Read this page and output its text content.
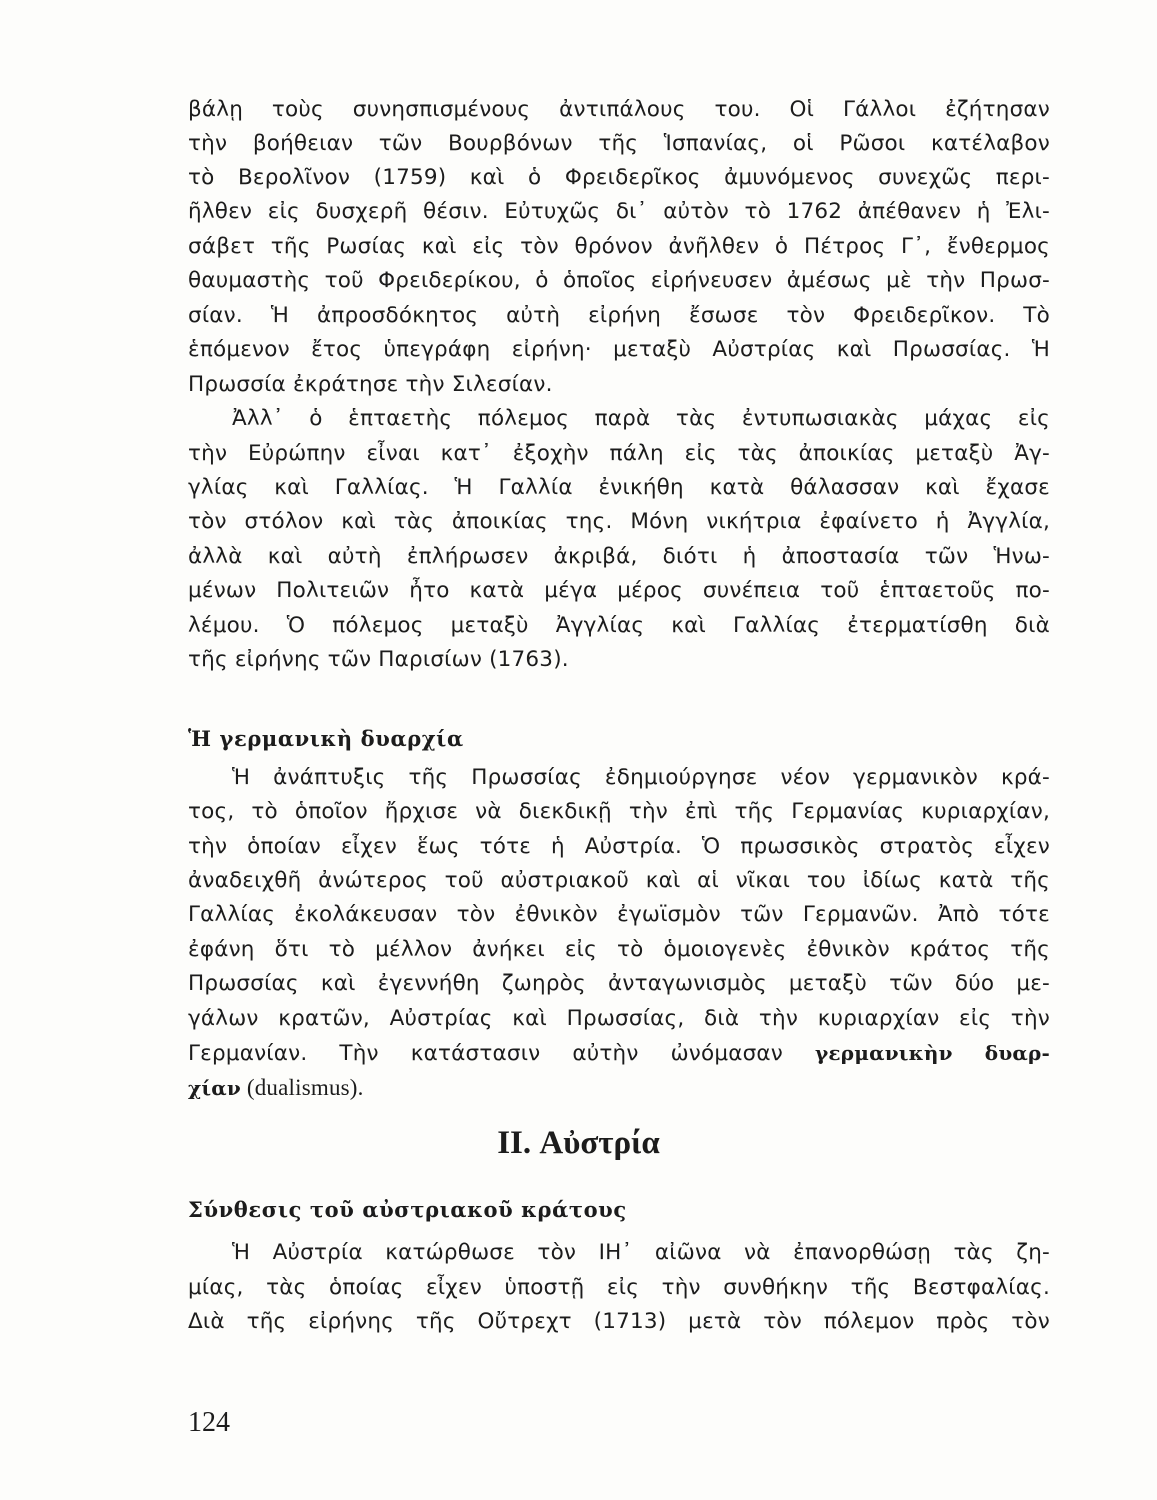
βάλῃ τοὺς συνησπισμένους ἀντιπάλους του. Οἱ Γάλλοι ἐζήτησαν

τὴν βοήθειαν τῶν Βουρβόνων τῆς Ἱσπανίας, οἱ Ρῶσοι κατέλαβον

τὸ Βερολῖνον (1759) καὶ ὁ Φρειδερῖκος ἀμυνόμενος συνεχῶς περι-

ῆλθεν εἰς δυσχερῆ θέσιν. Εὐτυχῶς δι᾽ αὐτὸν τὸ 1762 ἀπέθανεν ἡ Ἐλι-

σάβετ τῆς Ρωσίας καὶ εἰς τὸν θρόνον ἀνῆλθεν ὁ Πέτρος Γ᾽, ἔνθερμος

θαυμαστὴς τοῦ Φρειδερίκου, ὁ ὁποῖος εἰρήνευσεν ἀμέσως μὲ τὴν Πρωσ-

σίαν. Ἡ ἀπροσδόκητος αὐτὴ εἰρήνη ἔσωσε τὸν Φρειδερῖκον. Τὸ

ἑπόμενον ἔτος ὑπεγράφη εἰρήνη· μεταξὺ Αὐστρίας καὶ Πρωσσίας. Ἡ

Πρωσσία ἐκράτησε τὴν Σιλεσίαν.

Ἀλλ᾽ ὁ ἑπταετὴς πόλεμος παρὰ τὰς ἐντυπωσιακὰς μάχας εἰς

τὴν Εὐρώπην εἶναι κατ᾽ ἐξοχὴν πάλη εἰς τὰς ἀποικίας μεταξὺ Ἀγ-

γλίας καὶ Γαλλίας. Ἡ Γαλλία ἐνικήθη κατὰ θάλασσαν καὶ ἔχασε

τὸν στόλον καὶ τὰς ἀποικίας της. Μόνη νικήτρια ἐφαίνετο ἡ Ἀγγλία,

ἀλλὰ καὶ αὐτὴ ἐπλήρωσεν ἀκριβά, διότι ἡ ἀποστασία τῶν Ἡνω-

μένων Πολιτειῶν ἦτο κατὰ μέγα μέρος συνέπεια τοῦ ἑπταετοῦς πο-

λέμου. Ὁ πόλεμος μεταξὺ Ἀγγλίας καὶ Γαλλίας ἐτερματίσθη διὰ

τῆς εἰρήνης τῶν Παρισίων (1763).

Ἡ γερμανικὴ δυαρχία

Ἡ ἀνάπτυξις τῆς Πρωσσίας ἐδημιούργησε νέον γερμανικὸν κρά-

τος, τὸ ὁποῖον ἤρχισε νὰ διεκδικῇ τὴν ἐπὶ τῆς Γερμανίας κυριαρχίαν,

τὴν ὁποίαν εἶχεν ἕως τότε ἡ Αὐστρία. Ὁ πρωσσικὸς στρατὸς εἶχεν

ἀναδειχθῆ ἀνώτερος τοῦ αὐστριακοῦ καὶ αἱ νῖκαι του ἰδίως κατὰ τῆς

Γαλλίας ἐκολάκευσαν τὸν ἐθνικὸν ἐγωϊσμὸν τῶν Γερμανῶν. Ἀπὸ τότε

ἐφάνη ὅτι τὸ μέλλον ἀνήκει εἰς τὸ ὁμοιογενὲς ἐθνικὸν κράτος τῆς

Πρωσσίας καὶ ἐγεννήθη ζωηρὸς ἀνταγωνισμὸς μεταξὺ τῶν δύο με-

γάλων κρατῶν, Αὐστρίας καὶ Πρωσσίας, διὰ τὴν κυριαρχίαν εἰς τὴν

Γερμανίαν. Τὴν κατάστασιν αὐτὴν ὠνόμασαν γερμανικὴν δυαρ-

χίαν (dualismus).

II. Αὐστρία
Σύνθεσις τοῦ αὐστριακοῦ κράτους

Ἡ Αὐστρία κατώρθωσε τὸν ΙΗ᾽ αἰῶνα νὰ ἐπανορθώσῃ τὰς ζη-

μίας, τὰς ὁποίας εἶχεν ὑποστῇ εἰς τὴν συνθήκην τῆς Βεστφαλίας.

Διὰ τῆς εἰρήνης τῆς Οὔτρεχτ (1713) μετὰ τὸν πόλεμον πρὸς τὸν

124
